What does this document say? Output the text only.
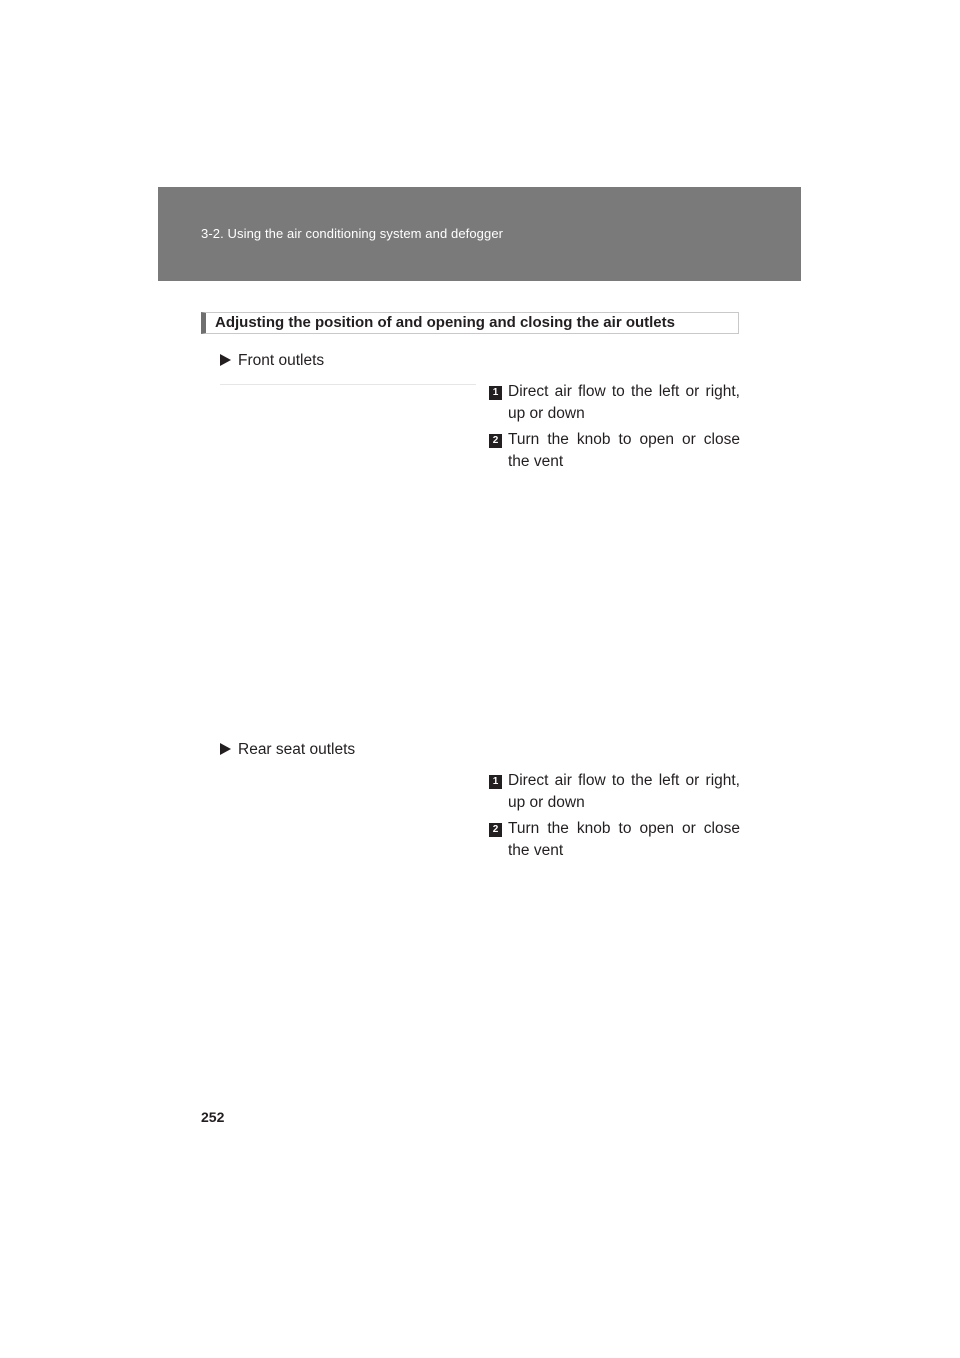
3-2. Using the air conditioning system and defogger
Adjusting the position of and opening and closing the air outlets
Front outlets
1 Direct air flow to the left or right, up or down
2 Turn the knob to open or close the vent
Rear seat outlets
1 Direct air flow to the left or right, up or down
2 Turn the knob to open or close the vent
252
